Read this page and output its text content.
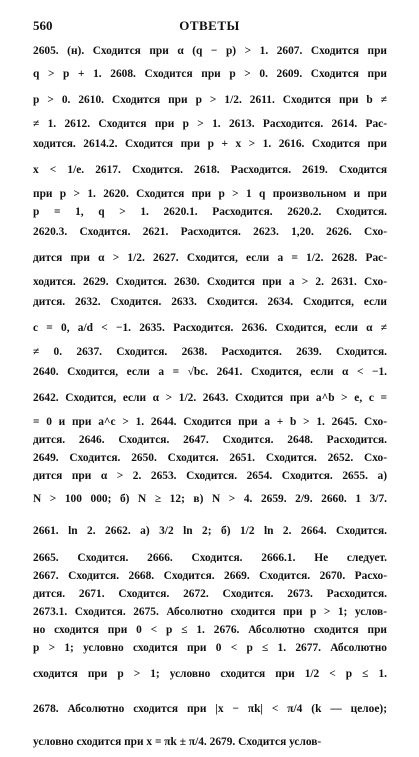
560	ОТВЕТЫ
2605. (н). Сходится при α (q − p) > 1. 2607. Сходится при
q > p + 1. 2608. Сходится при p > 0. 2609. Сходится при
p > 0. 2610. Сходится при p > 1/2. 2611. Сходится при b ≠
≠ 1. 2612. Сходится при p > 1. 2613. Расходится. 2614. Рас-
ходится. 2614.2. Сходится при p + x > 1. 2616. Сходится при
x < 1/e. 2617. Сходится. 2618. Расходится. 2619. Сходится
при p > 1. 2620. Сходится при p > 1 q произвольном и при
p = 1, q > 1. 2620.1. Расходится. 2620.2. Сходится.
2620.3. Сходится. 2621. Расходится. 2623. 1,20. 2626. Схо-
дится при α > 1/2. 2627. Сходится, если a = 1/2. 2628. Рас-
ходится. 2629. Сходится. 2630. Сходится при a > 2. 2631. Схо-
дится. 2632. Сходится. 2633. Сходится. 2634. Сходится, если
c = 0, a/d < −1. 2635. Расходится. 2636. Сходится, если α ≠
≠ 0. 2637. Сходится. 2638. Расходится. 2639. Сходится.
2640. Сходится, если a = √bc. 2641. Сходится, если α < −1.
2642. Сходится, если α > 1/2. 2643. Сходится при a^b > e, c =
= 0 и при a^c > 1. 2644. Сходится при a + b > 1. 2645. Схо-
дится. 2646. Сходится. 2647. Сходится. 2648. Расходится.
2649. Сходится. 2650. Сходится. 2651. Сходится. 2652. Схо-
дится при α > 2. 2653. Сходится. 2654. Сходится. 2655. а)
N > 100 000; б) N ≥ 12; в) N > 4. 2659. 2/9. 2660. 1 3/7.
2661. ln 2. 2662. а) 3/2 ln 2; б) 1/2 ln 2. 2664. Сходится.
2665. Сходится. 2666. Сходится. 2666.1. Не следует.
2667. Сходится. 2668. Сходится. 2669. Сходится. 2670. Расхо-
дится. 2671. Сходится. 2672. Сходится. 2673. Расходится.
2673.1. Сходится. 2675. Абсолютно сходится при p > 1; услов-
но сходится при 0 < p ≤ 1. 2676. Абсолютно сходится при
p > 1; условно сходится при 0 < p ≤ 1. 2677. Абсолютно
сходится при p > 1; условно сходится при 1/2 < p ≤ 1.
2678. Абсолютно сходится при |x − πk| < π/4 (k — целое);
условно сходится при x = πk ± π/4. 2679. Сходится услов-
